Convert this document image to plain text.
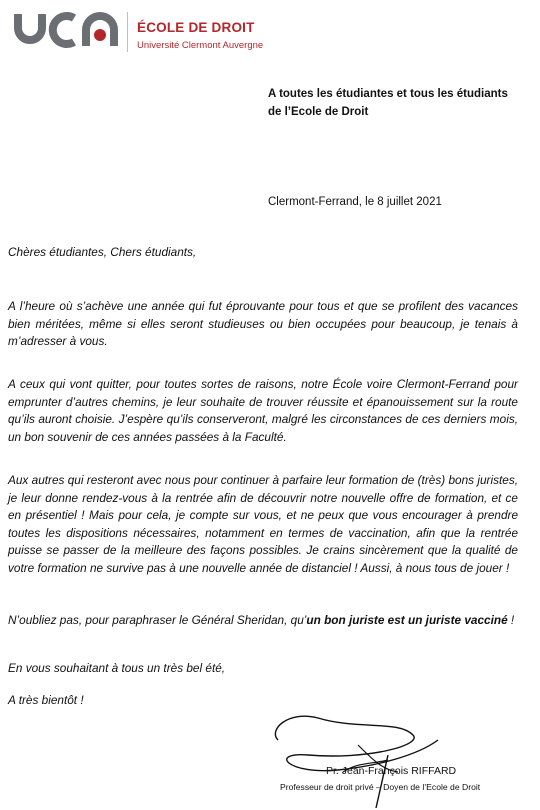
ÉCOLE DE DROIT
Université Clermont Auvergne
A toutes les étudiantes et tous les étudiants
de l’Ecole de Droit
Clermont-Ferrand, le 8 juillet 2021
Chères étudiantes, Chers étudiants,
A l’heure où s’achève une année qui fut éprouvante pour tous et que se profilent des vacances bien méritées, même si elles seront studieuses ou bien occupées pour beaucoup, je tenais à m’adresser à vous.
A ceux qui vont quitter, pour toutes sortes de raisons, notre École voire Clermont-Ferrand pour emprunter d’autres chemins, je leur souhaite de trouver réussite et épanouissement sur la route qu’ils auront choisie. J’espère qu’ils conserveront, malgré les circonstances de ces derniers mois, un bon souvenir de ces années passées à la Faculté.
Aux autres qui resteront avec nous pour continuer à parfaire leur formation de (très) bons juristes, je leur donne rendez-vous à la rentrée afin de découvrir notre nouvelle offre de formation, et ce en présentiel ! Mais pour cela, je compte sur vous, et ne peux que vous encourager à prendre toutes les dispositions nécessaires, notamment en termes de vaccination, afin que la rentrée puisse se passer de la meilleure des façons possibles. Je crains sincèrement que la qualité de votre formation ne survive pas à une nouvelle année de distanciel ! Aussi, à nous tous de jouer !
N’oubliez pas, pour paraphraser le Général Sheridan, qu’un bon juriste est un juriste vacciné !
En vous souhaitant à tous un très bel été,
A très bientôt !
Pr. Jean-François RIFFARD
Professeur de droit privé – Doyen de l’Ecole de Droit
